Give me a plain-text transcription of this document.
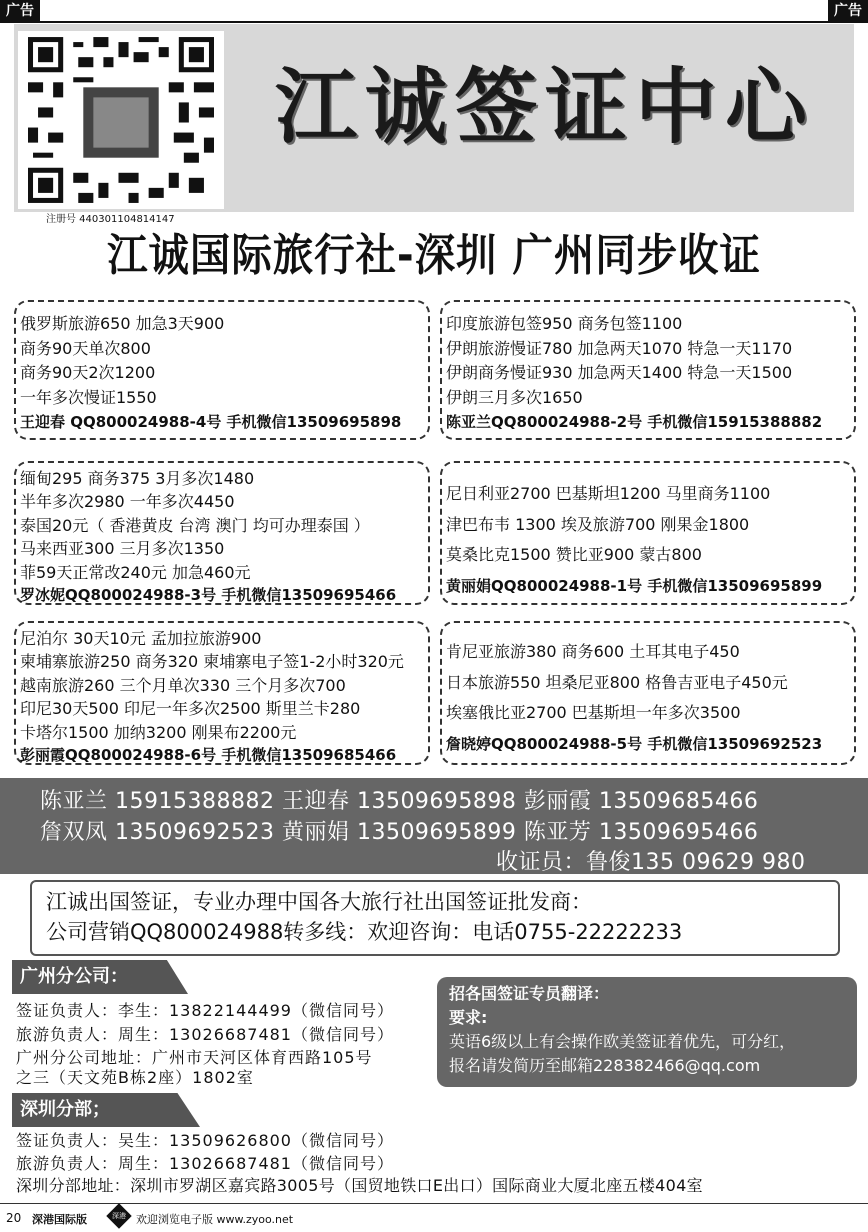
广告	广告
注册号 440301104814147
江诚签证中心
江诚国际旅行社-深圳 广州同步收证
俄罗斯旅游650 加急3天900
商务90天单次800
商务90天2次1200
一年多次慢证1550
王迎春 QQ800024988-4号 手机微信13509695898
印度旅游包签950 商务包签1100
伊朗旅游慢证780 加急两天1070 特急一天1170
伊朗商务慢证930 加急两天1400 特急一天1500
伊朗三月多次1650
陈亚兰QQ800024988-2号 手机微信15915388882
缅甸295 商务375 3月多次1480
半年多次2980 一年多次4450
泰国20元（ 香港黄皮 台湾 澳门 均可办理泰国 ）
马来西亚300 三月多次1350
菲59天正常改240元 加急460元
罗冰妮QQ800024988-3号 手机微信13509695466
尼日利亚2700 巴基斯坦1200 马里商务1100
津巴布韦 1300 埃及旅游700 刚果金1800
莫桑比克1500 赞比亚900 蒙古800
黄丽娟QQ800024988-1号 手机微信13509695899
尼泊尔 30天10元 孟加拉旅游900
柬埔寨旅游250 商务320 柬埔寨电子签1-2小时320元
越南旅游260 三个月单次330 三个月多次700
印尼30天500 印尼一年多次2500 斯里兰卡280
卡塔尔1500 加纳3200 刚果布2200元
彭丽霞QQ800024988-6号 手机微信13509685466
肯尼亚旅游380 商务600 土耳其电子450
日本旅游550 坦桑尼亚800 格鲁吉亚电子450元
埃塞俄比亚2700 巴基斯坦一年多次3500
詹晓婷QQ800024988-5号 手机微信13509692523
陈亚兰 15915388882 王迎春 13509695898 彭丽霞 13509685466
詹双凤 13509692523 黄丽娟 13509695899 陈亚芳 13509695466
收证员：鲁俊135 09629 980
江诚出国签证，专业办理中国各大旅行社出国签证批发商：
公司营销QQ800024988转多线：欢迎咨询：电话0755-22222233
广州分公司：
签证负责人：李生：13822144499（微信同号）
旅游负责人：周生：13026687481（微信同号）
广州分公司地址：广州市天河区体育西路105号
之三（天文苑B栋2座）1802室
招各国签证专员翻译：
要求:
英语6级以上有会操作欧美签证着优先，可分红，
报名请发简历至邮箱228382466@qq.com
深圳分部；
签证负责人：吴生：13509626800（微信同号）
旅游负责人：周生：13026687481（微信同号）
深圳分部地址：深圳市罗湖区嘉宾路3005号（国贸地铁口E出口）国际商业大厦北座五楼404室
20 深港国际版	深港 欢迎浏览电子版 www.zyoo.net
